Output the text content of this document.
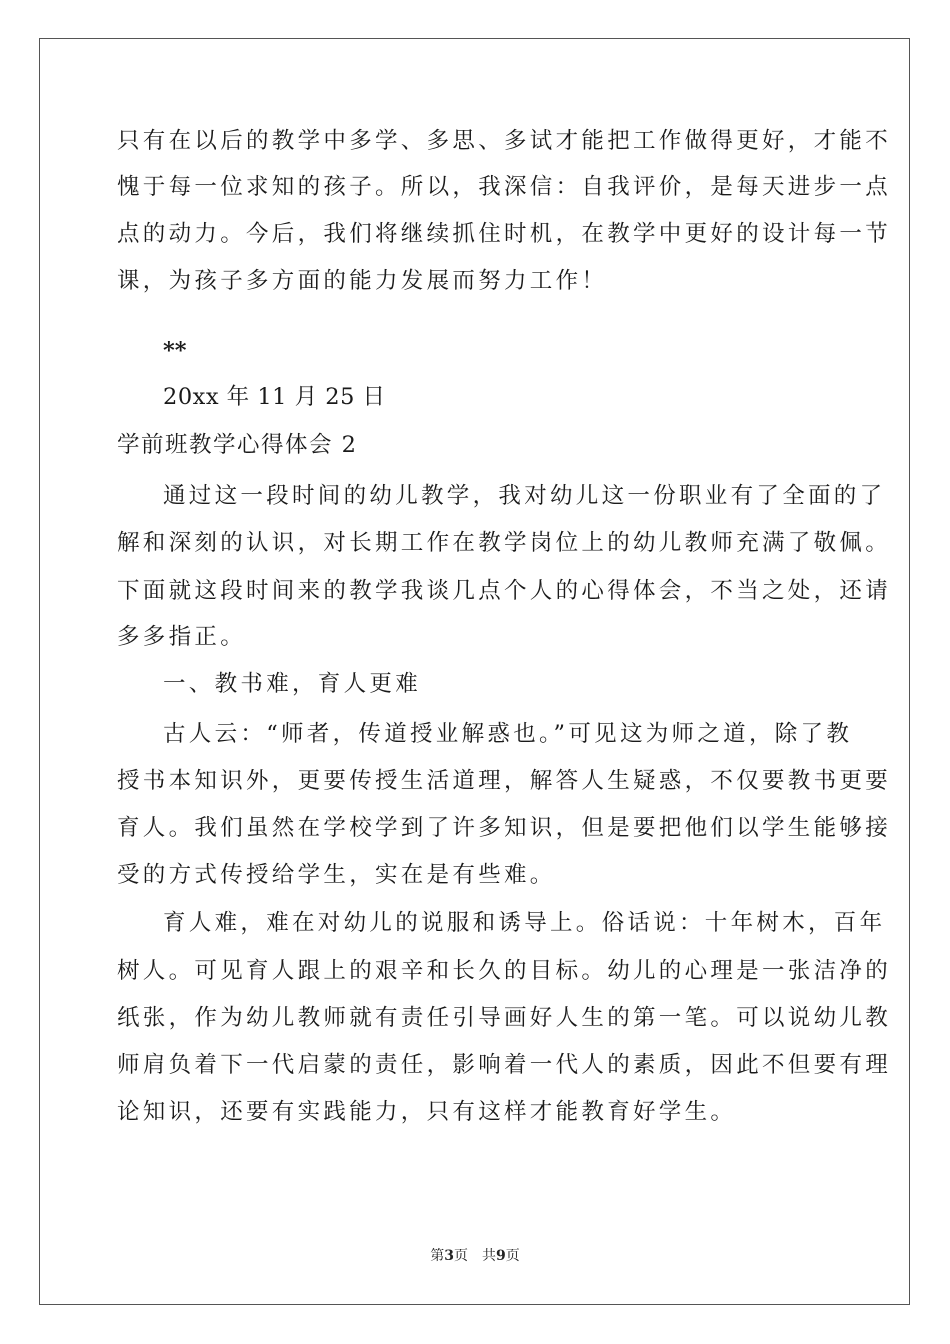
只有在以后的教学中多学、多思、多试才能把工作做得更好，才能不
愧于每一位求知的孩子。所以，我深信：自我评价，是每天进步一点
点的动力。今后，我们将继续抓住时机，在教学中更好的设计每一节
课，为孩子多方面的能力发展而努力工作！
**
20xx 年 11 月 25 日
学前班教学心得体会 2
通过这一段时间的幼儿教学，我对幼儿这一份职业有了全面的了
解和深刻的认识，对长期工作在教学岗位上的幼儿教师充满了敬佩。
下面就这段时间来的教学我谈几点个人的心得体会，不当之处，还请
多多指正。
一、教书难，育人更难
古人云：“师者，传道授业解惑也。”可见这为师之道，除了教
授书本知识外，更要传授生活道理，解答人生疑惑，不仅要教书更要
育人。我们虽然在学校学到了许多知识，但是要把他们以学生能够接
受的方式传授给学生，实在是有些难。
育人难，难在对幼儿的说服和诱导上。俗话说：十年树木，百年
树人。可见育人跟上的艰辛和长久的目标。幼儿的心理是一张洁净的
纸张，作为幼儿教师就有责任引导画好人生的第一笔。可以说幼儿教
师肩负着下一代启蒙的责任，影响着一代人的素质，因此不但要有理
论知识，还要有实践能力，只有这样才能教育好学生。
第3页 共9页
